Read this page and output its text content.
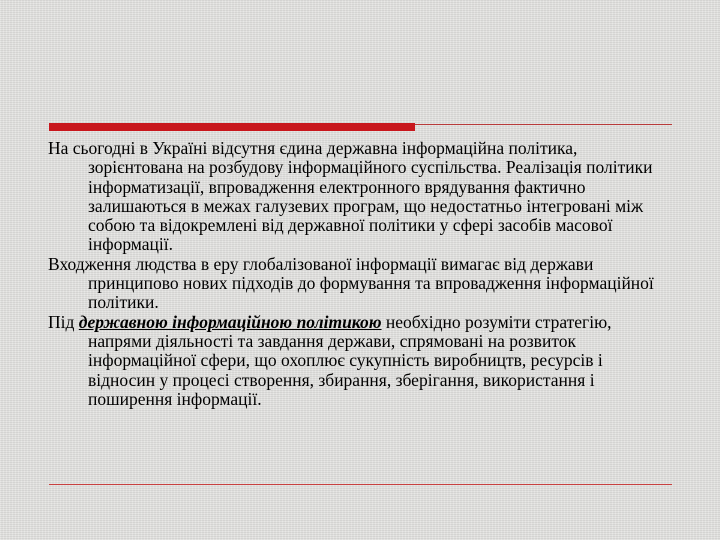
На сьогодні в Україні відсутня єдина державна інформаційна політика, зорієнтована на розбудову інформаційного суспільства. Реалізація політики інформатизації, впровадження електронного врядування фактично залишаються в межах галузевих програм, що недостатньо інтегровані між собою та відокремлені від державної політики у сфері засобів масової інформації.

Входження людства в еру глобалізованої інформації вимагає від держави принципово нових підходів до формування та впровадження інформаційної політики.

Під державною інформаційною політикою необхідно розуміти стратегію, напрями діяльності та завдання держави, спрямовані на розвиток інформаційної сфери, що охоплює сукупність виробництв, ресурсів і відносин у процесі створення, збирання, зберігання, використання і поширення інформації.
